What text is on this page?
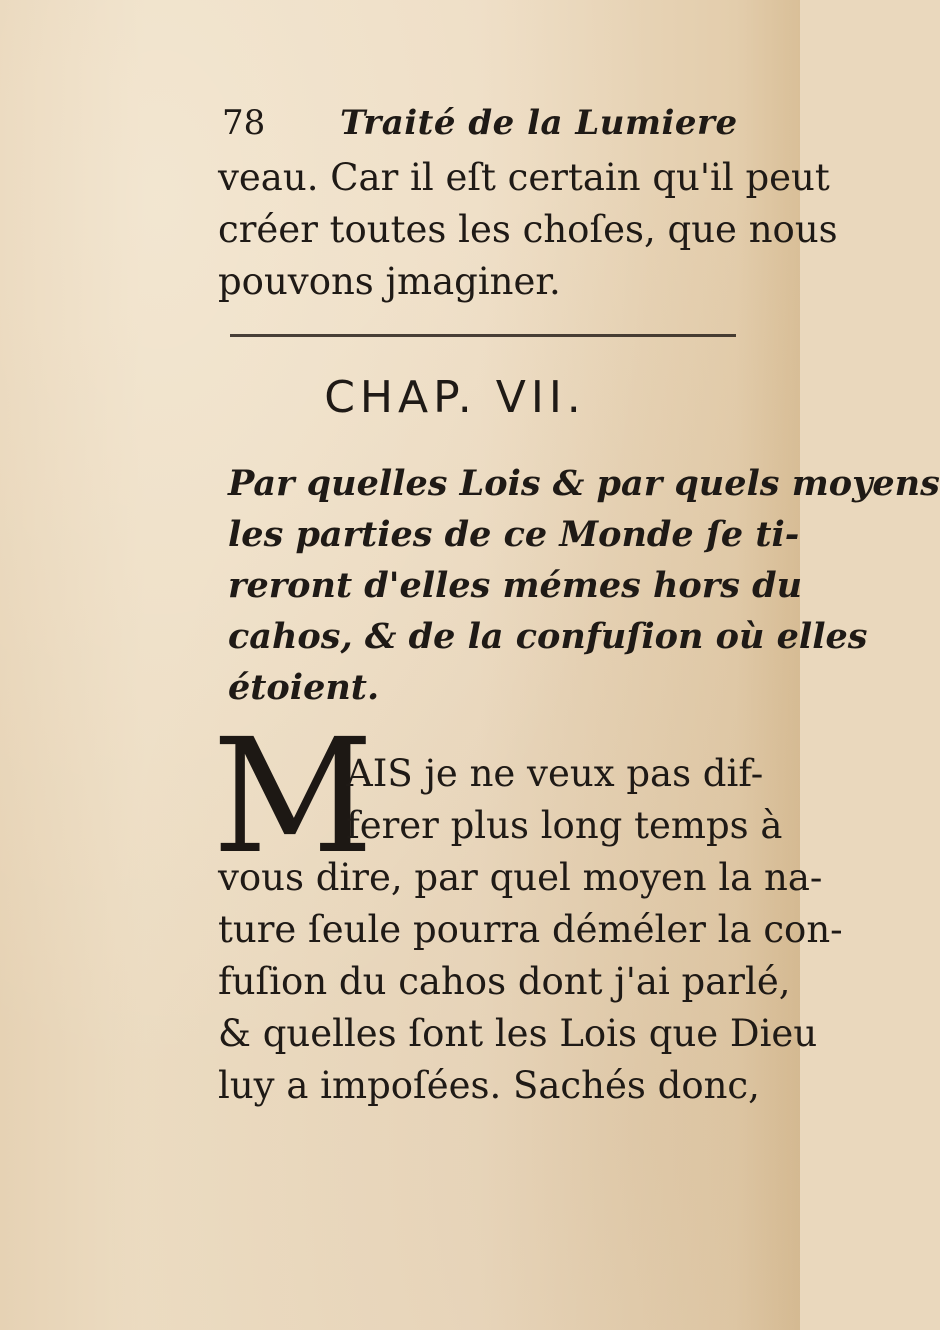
78 Traité de la Lumiere
veau. Car il eſt certain qu'il peut
créer toutes les choſes, que nous
pouvons jmaginer.
CHAP. VII.
Par quelles Lois & par quels moyens
les parties de ce Monde ſe ti-
reront d'elles mémes hors du
cahos, & de la confuſion où elles
étoient.
M
AIS je ne veux pas dif-
ferer plus long temps à
vous dire, par quel moyen la na-
ture ſeule pourra déméler la con-
fuſion du cahos dont j'ai parlé,
& quelles ſont les Lois que Dieu
luy a impoſées. Sachés donc,
